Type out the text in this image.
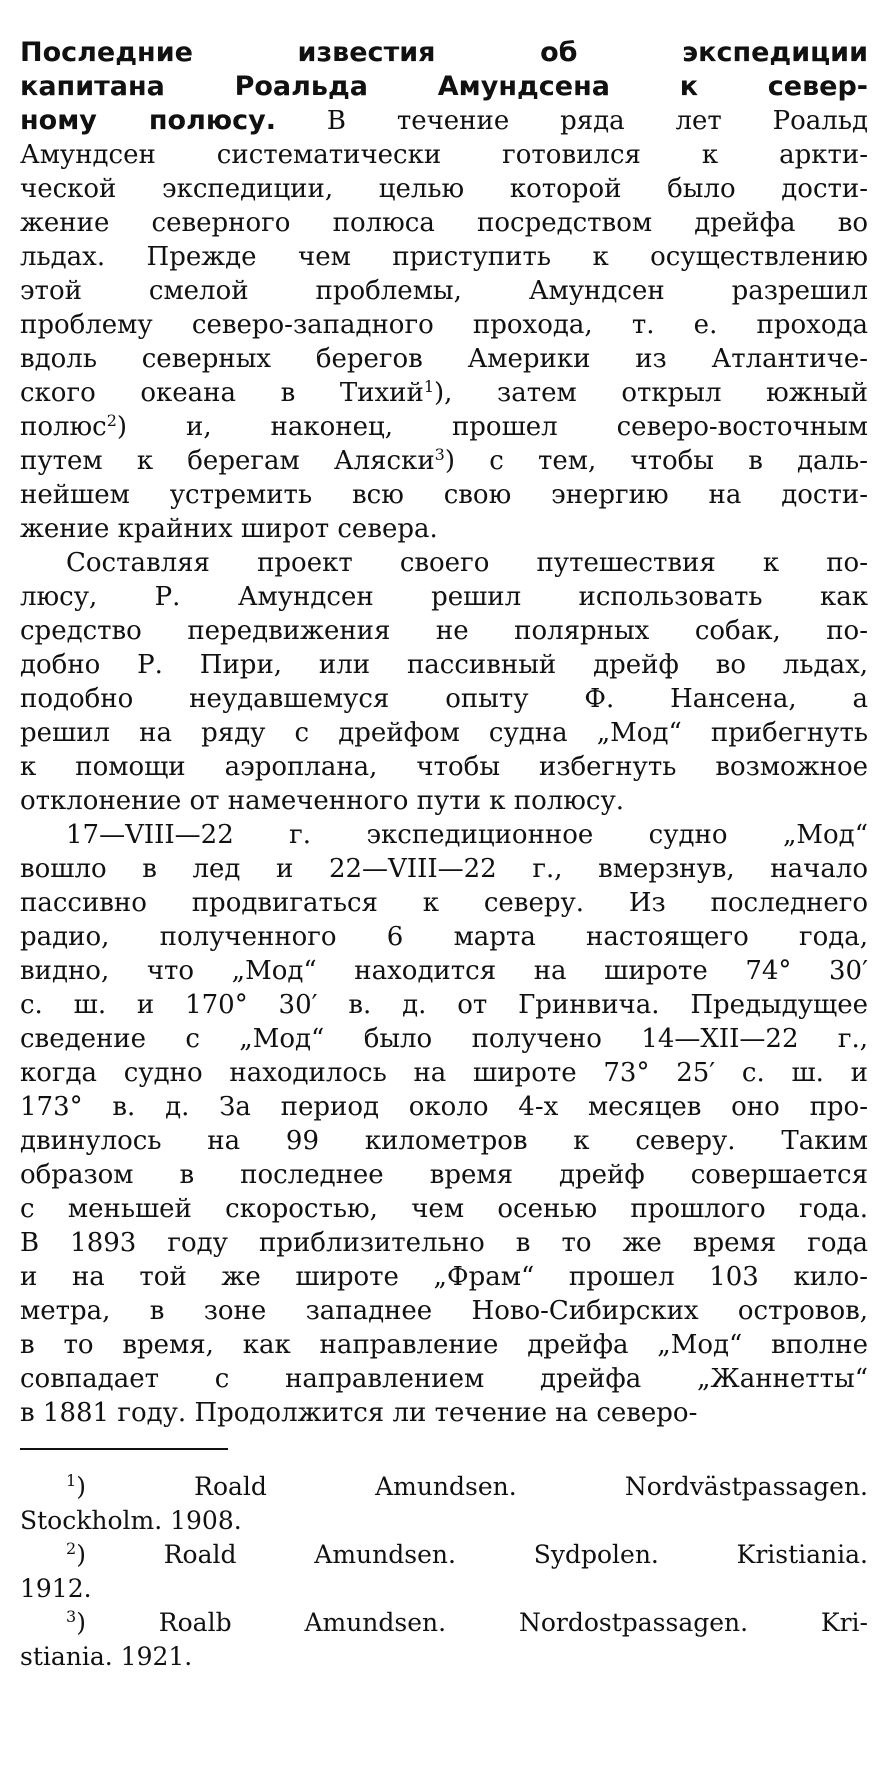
Последние известия об экспедиции
капитана Роальда Амундсена к север-
ному полюсу. В течение ряда лет Роальд
Амундсен систематически готовился к аркти-
ческой экспедиции, целью которой было дости-
жение северного полюса посредством дрейфа во
льдах. Прежде чем приступить к осуществлению
этой смелой проблемы, Амундсен разрешил
проблему северо-западного прохода, т. е. прохода
вдоль северных берегов Америки из Атлантиче-
ского океана в Тихий$^1$), затем открыл южный
полюс$^2$) и, наконец, прошел северо-восточным
путем к берегам Аляски$^3$) с тем, чтобы в даль-
нейшем устремить всю свою энергию на дости-
жение крайних широт севера.
Составляя проект своего путешествия к по-
люсу, Р. Амундсен решил использовать как
средство передвижения не полярных собак, по-
добно Р. Пири, или пассивный дрейф во льдах,
подобно неудавшемуся опыту Ф. Нансена, а
решил на ряду с дрейфом судна „Мод“ прибегнуть
к помощи аэроплана, чтобы избегнуть возможное
отклонение от намеченного пути к полюсу.
17—VIII—22 г. экспедиционное судно „Мод“
вошло в лед и 22—VIII—22 г., вмерзнув, начало
пассивно продвигаться к северу. Из последнего
радио, полученного 6 марта настоящего года,
видно, что „Мод“ находится на широте 74° 30′
с. ш. и 170° 30′ в. д. от Гринвича. Предыдущее
сведение с „Мод“ было получено 14—XII—22 г.,
когда судно находилось на широте 73° 25′ с. ш. и
173° в. д. За период около 4-х месяцев оно про-
двинулось на 99 километров к северу. Таким
образом в последнее время дрейф совершается
с меньшей скоростью, чем осенью прошлого года.
В 1893 году приблизительно в то же время года
и на той же широте „Фрам“ прошел 103 кило-
метра, в зоне западнее Ново-Сибирских островов,
в то время, как направление дрейфа „Мод“ вполне
совпадает с направлением дрейфа „Жаннетты“
в 1881 году. Продолжится ли течение на северо-
$^1$) Roald Amundsen. Nordvästpassagen.
Stockholm. 1908.
$^2$) Roald Amundsen. Sydpolen. Kristiania.
1912.
$^3$) Roalb Amundsen. Nordostpassagen. Kri-
stiania. 1921.
